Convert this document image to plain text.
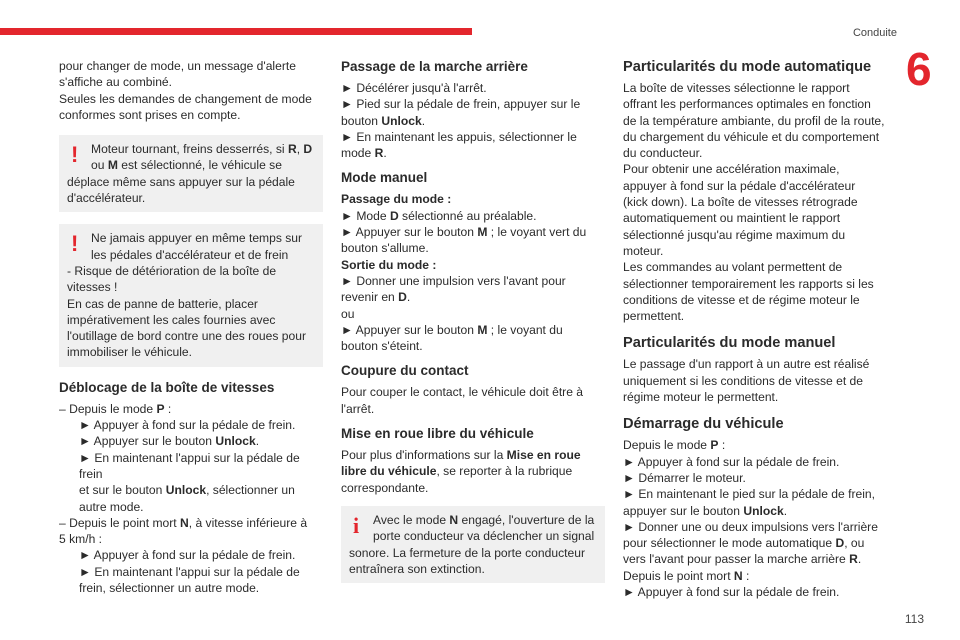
Conduite
6
113

pour changer de mode, un message d'alerte

s'affiche au combiné.

Seules les demandes de changement de mode

conformes sont prises en compte.

!	Moteur tournant, freins desserrés, si R, D

ou M est sélectionné, le véhicule se

déplace même sans appuyer sur la pédale

d'accélérateur.

!	Ne jamais appuyer en même temps sur

les pédales d'accélérateur et de frein

- Risque de détérioration de la boîte de

vitesses !

En cas de panne de batterie, placer

impérativement les cales fournies avec

l'outillage de bord contre une des roues pour

immobiliser le véhicule.

Déblocage de la boîte de vitesses

– Depuis le mode P :

► Appuyer à fond sur la pédale de frein.

► Appuyer sur le bouton Unlock.

► En maintenant l'appui sur la pédale de frein

et sur le bouton Unlock, sélectionner un

autre mode.

– Depuis le point mort N, à vitesse inférieure à

5 km/h :

► Appuyer à fond sur la pédale de frein.

► En maintenant l'appui sur la pédale de

frein, sélectionner un autre mode.

Passage de la marche arrière

► Décélérer jusqu'à l'arrêt.

► Pied sur la pédale de frein, appuyer sur le

bouton Unlock.

► En maintenant les appuis, sélectionner le

mode R.

Mode manuel

Passage du mode :

► Mode D sélectionné au préalable.

► Appuyer sur le bouton M ; le voyant vert du

bouton s'allume.

Sortie du mode :

► Donner une impulsion vers l'avant pour

revenir en D.

ou

► Appuyer sur le bouton M ; le voyant du

bouton s'éteint.

Coupure du contact

Pour couper le contact, le véhicule doit être à

l'arrêt.

Mise en roue libre du véhicule

Pour plus d'informations sur la Mise en roue

libre du véhicule, se reporter à la rubrique

correspondante.

i	Avec le mode N engagé, l'ouverture de la

porte conducteur va déclencher un signal

sonore. La fermeture de la porte conducteur

entraînera son extinction.

Particularités du mode automatique

La boîte de vitesses sélectionne le rapport

offrant les performances optimales en fonction

de la température ambiante, du profil de la route,

du chargement du véhicule et du comportement

du conducteur.

Pour obtenir une accélération maximale,

appuyer à fond sur la pédale d'accélérateur

(kick down). La boîte de vitesses rétrograde

automatiquement ou maintient le rapport

sélectionné jusqu'au régime maximum du

moteur.

Les commandes au volant permettent de

sélectionner temporairement les rapports si les

conditions de vitesse et de régime moteur le

permettent.

Particularités du mode manuel

Le passage d'un rapport à un autre est réalisé

uniquement si les conditions de vitesse et de

régime moteur le permettent.

Démarrage du véhicule

Depuis le mode P :

► Appuyer à fond sur la pédale de frein.

► Démarrer le moteur.

► En maintenant le pied sur la pédale de frein,

appuyer sur le bouton Unlock.

► Donner une ou deux impulsions vers l'arrière

pour sélectionner le mode automatique D, ou

vers l'avant pour passer la marche arrière R.

Depuis le point mort N :

► Appuyer à fond sur la pédale de frein.
